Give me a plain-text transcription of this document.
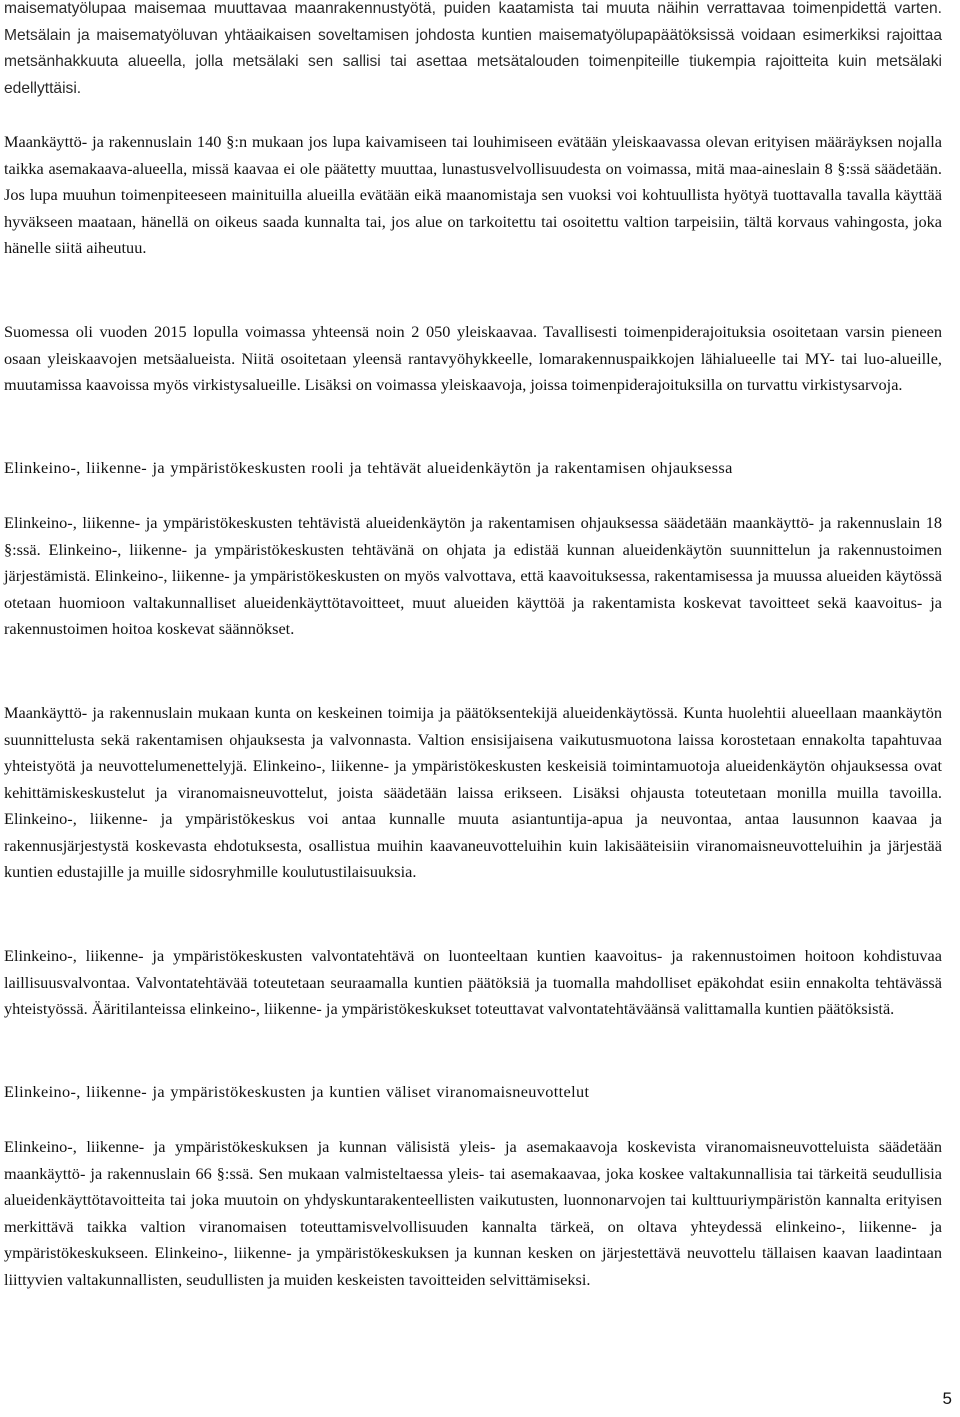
maisematyölupaa maisemaa muuttavaa maanrakennustyötä, puiden kaatamista tai muuta näihin verrattavaa toimenpidettä varten. Metsälain ja maisematyöluvan yhtäaikaisen soveltamisen johdosta kuntien maisematyölupapäätöksissä voidaan esimerkiksi rajoittaa metsänhakkuuta alueella, jolla metsälaki sen sallisi tai asettaa metsätalouden toimenpiteille tiukempia rajoitteita kuin metsälaki edellyttäisi.

Maankäyttö- ja rakennuslain 140 §:n mukaan jos lupa kaivamiseen tai louhimiseen evätään yleiskaavassa olevan erityisen määräyksen nojalla taikka asemakaava-alueella, missä kaavaa ei ole päätetty muuttaa, lunastusvelvollisuudesta on voimassa, mitä maa-aineslain 8 §:ssä säädetään. Jos lupa muuhun toimenpiteeseen mainituilla alueilla evätään eikä maanomistaja sen vuoksi voi kohtuullista hyötyä tuottavalla tavalla käyttää hyväkseen maataan, hänellä on oikeus saada kunnalta tai, jos alue on tarkoitettu tai osoitettu valtion tarpeisiin, tältä korvaus vahingosta, joka hänelle siitä aiheutuu.

Suomessa oli vuoden 2015 lopulla voimassa yhteensä noin 2 050 yleiskaavaa. Tavallisesti toimenpiderajoituksia osoitetaan varsin pieneen osaan yleiskaavojen metsäalueista. Niitä osoitetaan yleensä rantavyöhykkeelle, lomarakennuspaikkojen lähialueelle tai MY- tai luo-alueille, muutamissa kaavoissa myös virkistysalueille. Lisäksi on voimassa yleiskaavoja, joissa toimenpiderajoituksilla on turvattu virkistysarvoja.

Elinkeino-, liikenne- ja ympäristökeskusten rooli ja tehtävät alueidenkäytön ja rakentamisen ohjauksessa

Elinkeino-, liikenne- ja ympäristökeskusten tehtävistä alueidenkäytön ja rakentamisen ohjauksessa säädetään maankäyttö- ja rakennuslain 18 §:ssä. Elinkeino-, liikenne- ja ympäristökeskusten tehtävänä on ohjata ja edistää kunnan alueidenkäytön suunnittelun ja rakennustoimen järjestämistä. Elinkeino-, liikenne- ja ympäristökeskusten on myös valvottava, että kaavoituksessa, rakentamisessa ja muussa alueiden käytössä otetaan huomioon valtakunnalliset alueidenkäyttötavoitteet, muut alueiden käyttöä ja rakentamista koskevat tavoitteet sekä kaavoitus- ja rakennustoimen hoitoa koskevat säännökset.

Maankäyttö- ja rakennuslain mukaan kunta on keskeinen toimija ja päätöksentekijä alueidenkäytössä. Kunta huolehtii alueellaan maankäytön suunnittelusta sekä rakentamisen ohjauksesta ja valvonnasta. Valtion ensisijaisena vaikutusmuotona laissa korostetaan ennakolta tapahtuvaa yhteistyötä ja neuvottelumenettelyjä. Elinkeino-, liikenne- ja ympäristökeskusten keskeisiä toimintamuotoja alueidenkäytön ohjauksessa ovat kehittämiskeskustelut ja viranomaisneuvottelut, joista säädetään laissa erikseen. Lisäksi ohjausta toteutetaan monilla muilla tavoilla. Elinkeino-, liikenne- ja ympäristökeskus voi antaa kunnalle muuta asiantuntija-apua ja neuvontaa, antaa lausunnon kaavaa ja rakennusjärjestystä koskevasta ehdotuksesta, osallistua muihin kaavaneuvotteluihin kuin lakisääteisiin viranomaisneuvotteluihin ja järjestää kuntien edustajille ja muille sidosryhmille koulutustilaisuuksia.

Elinkeino-, liikenne- ja ympäristökeskusten valvontatehtävä on luonteeltaan kuntien kaavoitus- ja rakennustoimen hoitoon kohdistuvaa laillisuusvalvontaa. Valvontatehtävää toteutetaan seuraamalla kuntien päätöksiä ja tuomalla mahdolliset epäkohdat esiin ennakolta tehtävässä yhteistyössä. Ääritilanteissa elinkeino-, liikenne- ja ympäristökeskukset toteuttavat valvontatehtäväänsä valittamalla kuntien päätöksistä.

Elinkeino-, liikenne- ja ympäristökeskusten ja kuntien väliset viranomaisneuvottelut

Elinkeino-, liikenne- ja ympäristökeskuksen ja kunnan välisistä yleis- ja asemakaavoja koskevista viranomaisneuvotteluista säädetään maankäyttö- ja rakennuslain 66 §:ssä. Sen mukaan valmisteltaessa yleis- tai asemakaavaa, joka koskee valtakunnallisia tai tärkeitä seudullisia alueidenkäyttötavoitteita tai joka muutoin on yhdyskuntarakenteellisten vaikutusten, luonnonarvojen tai kulttuuriympäristön kannalta erityisen merkittävä taikka valtion viranomaisen toteuttamisvelvollisuuden kannalta tärkeä, on oltava yhteydessä elinkeino-, liikenne- ja ympäristökeskukseen. Elinkeino-, liikenne- ja ympäristökeskuksen ja kunnan kesken on järjestettävä neuvottelu tällaisen kaavan laadintaan liittyvien valtakunnallisten, seudullisten ja muiden keskeisten tavoitteiden selvittämiseksi.

5
